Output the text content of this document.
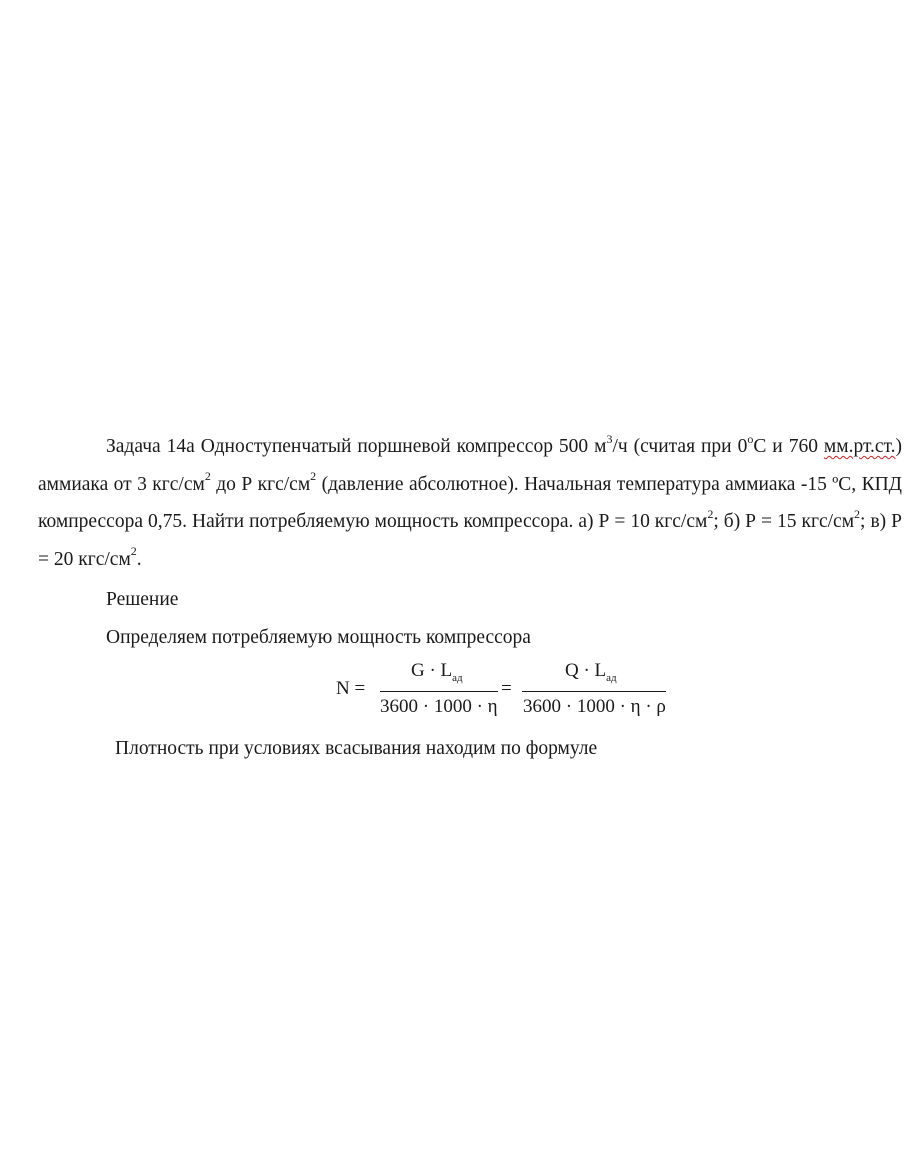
Задача 14а Одноступенчатый поршневой компрессор 500 $м^3/ч$ (считая при $0^оС$ и 760 мм.рт.ст.) аммиака от 3 кгс/$см^2$ до Р кгс/$см^2$ (давление абсолютное). Начальная температура аммиака -15 ºС, КПД компрессора 0,75. Найти потребляемую мощность компрессора. а) Р = 10 кгс/$см^2$; б) Р = 15 кгс/$см^2$; в) Р = 20 кгс/$см^2$.

Решение
Определяем потребляемую мощность компрессора
N =
$G \cdot L_{ад}$
3600 · 1000 · η
=
$Q \cdot L_{ад}$
3600 · 1000 · η · ρ
Плотность при условиях всасывания находим по формуле
